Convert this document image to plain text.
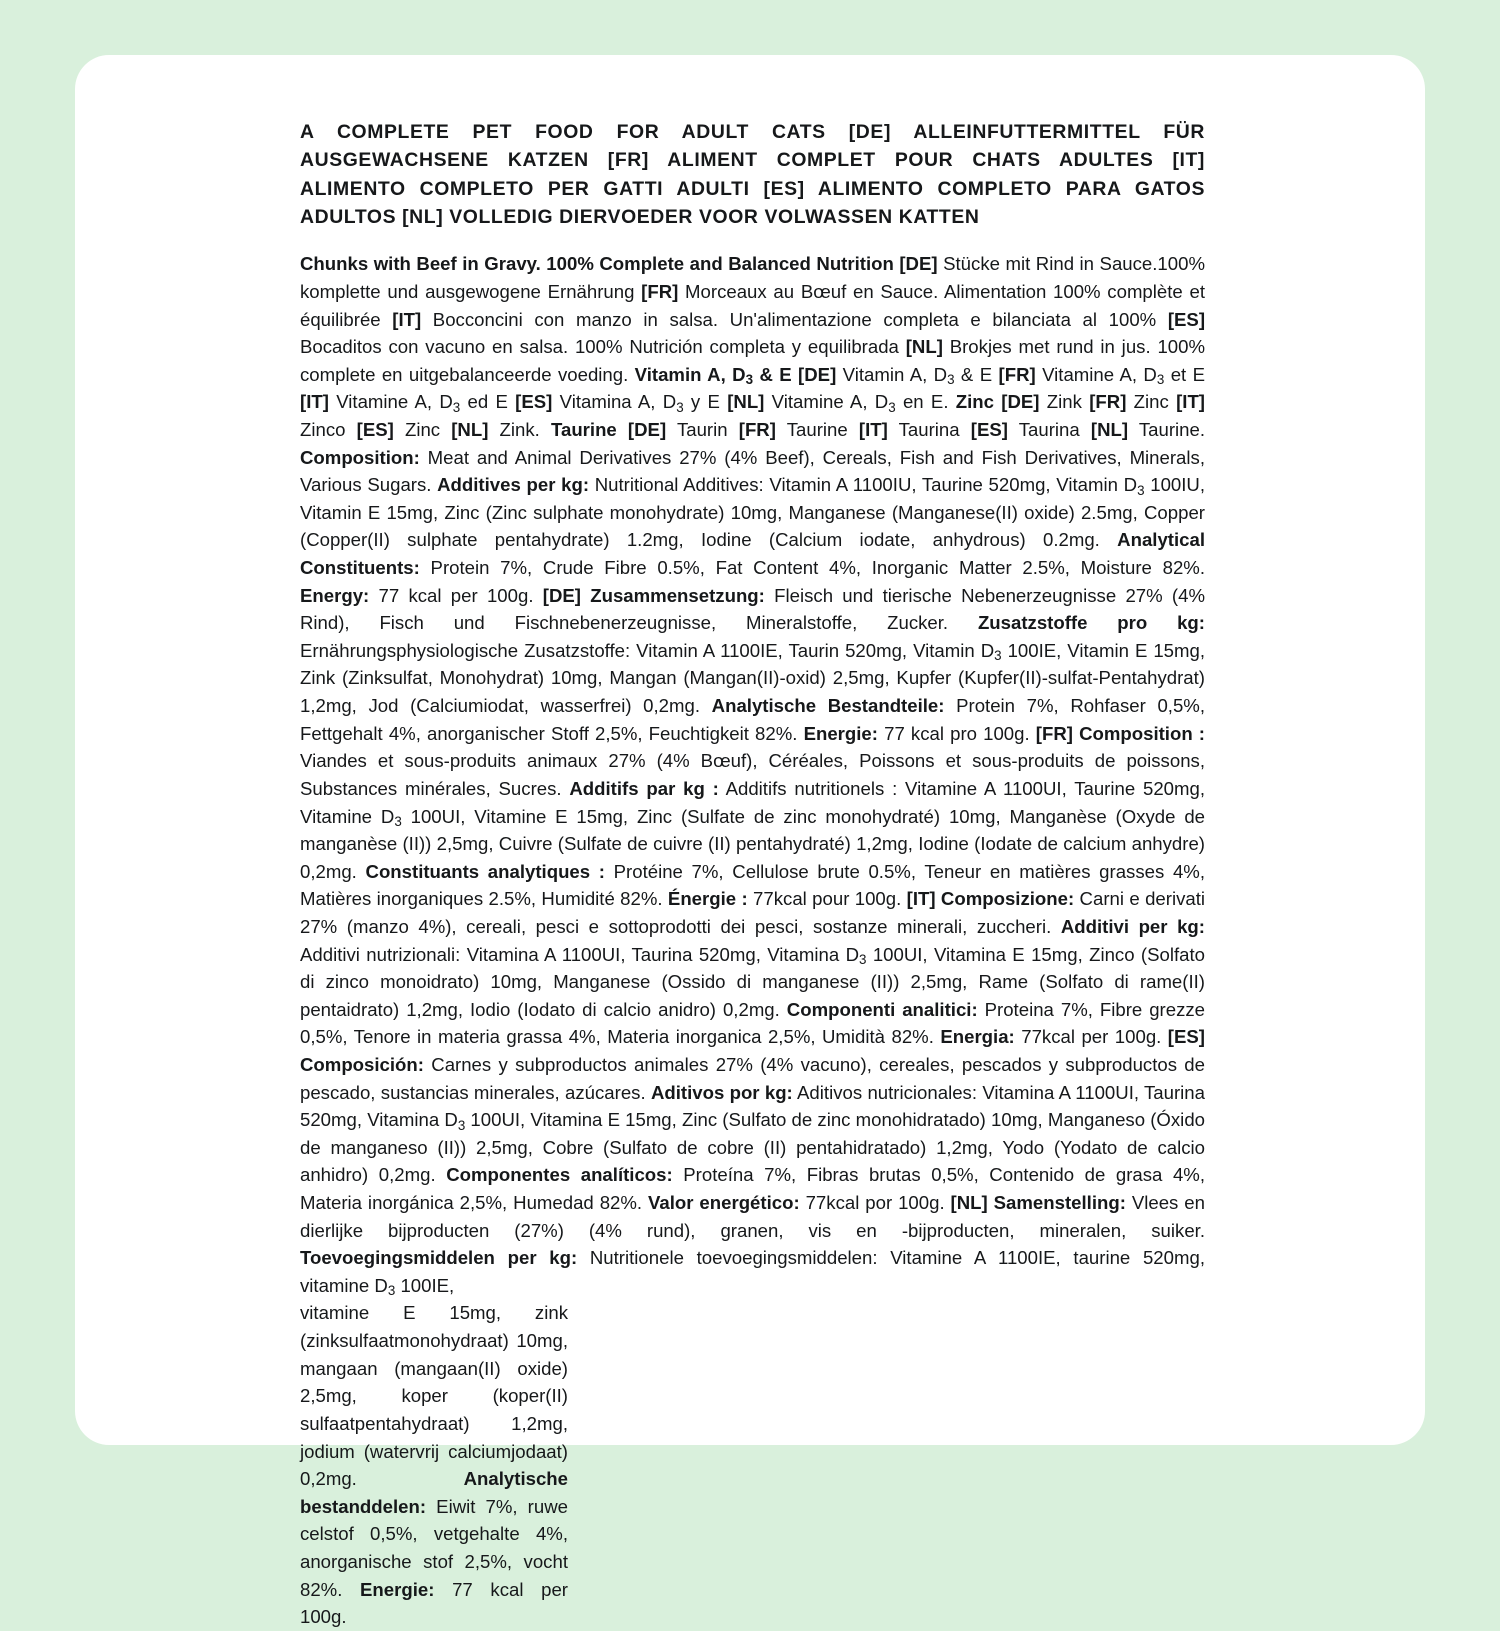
A COMPLETE PET FOOD FOR ADULT CATS [DE] ALLEINFUTTERMITTEL FÜR AUSGEWACHSENE KATZEN [FR] ALIMENT COMPLET POUR CHATS ADULTES [IT] ALIMENTO COMPLETO PER GATTI ADULTI [ES] ALIMENTO COMPLETO PARA GATOS ADULTOS [NL] VOLLEDIG DIERVOEDER VOOR VOLWASSEN KATTEN
Chunks with Beef in Gravy. 100% Complete and Balanced Nutrition [DE] Stücke mit Rind in Sauce.100% komplette und ausgewogene Ernährung [FR] Morceaux au Bœuf en Sauce. Alimentation 100% complète et équilibrée [IT] Bocconcini con manzo in salsa. Un'alimentazione completa e bilanciata al 100% [ES] Bocaditos con vacuno en salsa. 100% Nutrición completa y equilibrada [NL] Brokjes met rund in jus. 100% complete en uitgebalanceerde voeding. Vitamin A, $D_3$ & E [DE] Vitamin A, $D_3$ & E [FR] Vitamine A, $D_3$ et E [IT] Vitamine A, $D_3$ ed E [ES] Vitamina A, $D_3$ y E [NL] Vitamine A, $D_3$ en E. Zinc [DE] Zink [FR] Zinc [IT] Zinco [ES] Zinc [NL] Zink. Taurine [DE] Taurin [FR] Taurine [IT] Taurina [ES] Taurina [NL] Taurine. Composition: Meat and Animal Derivatives 27% (4% Beef), Cereals, Fish and Fish Derivatives, Minerals, Various Sugars. Additives per kg: Nutritional Additives: Vitamin A 1100IU, Taurine 520mg, Vitamin $D_3$ 100IU, Vitamin E 15mg, Zinc (Zinc sulphate monohydrate) 10mg, Manganese (Manganese(II) oxide) 2.5mg, Copper (Copper(II) sulphate pentahydrate) 1.2mg, Iodine (Calcium iodate, anhydrous) 0.2mg. Analytical Constituents: Protein 7%, Crude Fibre 0.5%, Fat Content 4%, Inorganic Matter 2.5%, Moisture 82%. Energy: 77 kcal per 100g. [DE] Zusammensetzung: Fleisch und tierische Nebenerzeugnisse 27% (4% Rind), Fisch und Fischnebenerzeugnisse, Mineralstoffe, Zucker. Zusatzstoffe pro kg: Ernährungsphysiologische Zusatzstoffe: Vitamin A 1100IE, Taurin 520mg, Vitamin $D_3$ 100IE, Vitamin E 15mg, Zink (Zinksulfat, Monohydrat) 10mg, Mangan (Mangan(II)-oxid) 2,5mg, Kupfer (Kupfer(II)-sulfat-Pentahydrat) 1,2mg, Jod (Calciumiodat, wasserfrei) 0,2mg. Analytische Bestandteile: Protein 7%, Rohfaser 0,5%, Fettgehalt 4%, anorganischer Stoff 2,5%, Feuchtigkeit 82%. Energie: 77 kcal pro 100g. [FR] Composition : Viandes et sous-produits animaux 27% (4% Bœuf), Céréales, Poissons et sous-produits de poissons, Substances minérales, Sucres. Additifs par kg : Additifs nutritionels : Vitamine A 1100UI, Taurine 520mg, Vitamine $D_3$ 100UI, Vitamine E 15mg, Zinc (Sulfate de zinc monohydraté) 10mg, Manganèse (Oxyde de manganèse (II)) 2,5mg, Cuivre (Sulfate de cuivre (II) pentahydraté) 1,2mg, Iodine (Iodate de calcium anhydre) 0,2mg. Constituants analytiques : Protéine 7%, Cellulose brute 0.5%, Teneur en matières grasses 4%, Matières inorganiques 2.5%, Humidité 82%. Énergie : 77kcal pour 100g. [IT] Composizione: Carni e derivati 27% (manzo 4%), cereali, pesci e sottoprodotti dei pesci, sostanze minerali, zuccheri. Additivi per kg: Additivi nutrizionali: Vitamina A 1100UI, Taurina 520mg, Vitamina $D_3$ 100UI, Vitamina E 15mg, Zinco (Solfato di zinco monoidrato) 10mg, Manganese (Ossido di manganese (II)) 2,5mg, Rame (Solfato di rame(II) pentaidrato) 1,2mg, Iodio (Iodato di calcio anidro) 0,2mg. Componenti analitici: Proteina 7%, Fibre grezze 0,5%, Tenore in materia grassa 4%, Materia inorganica 2,5%, Umidità 82%. Energia: 77kcal per 100g. [ES] Composición: Carnes y subproductos animales 27% (4% vacuno), cereales, pescados y subproductos de pescado, sustancias minerales, azúcares. Aditivos por kg: Aditivos nutricionales: Vitamina A 1100UI, Taurina 520mg, Vitamina $D_3$ 100UI, Vitamina E 15mg, Zinc (Sulfato de zinc monohidratado) 10mg, Manganeso (Óxido de manganeso (II)) 2,5mg, Cobre (Sulfato de cobre (II) pentahidratado) 1,2mg, Yodo (Yodato de calcio anhidro) 0,2mg. Componentes analíticos: Proteína 7%, Fibras brutas 0,5%, Contenido de grasa 4%, Materia inorgánica 2,5%, Humedad 82%. Valor energético: 77kcal por 100g. [NL] Samenstelling: Vlees en dierlijke bijproducten (27%) (4% rund), granen, vis en -bijproducten, mineralen, suiker. Toevoegingsmiddelen per kg: Nutritionele toevoegingsmiddelen: Vitamine A 1100IE, taurine 520mg, vitamine $D_3$ 100IE,
vitamine E 15mg, zink (zinksulfaatmonohydraat) 10mg, mangaan (mangaan(II) oxide) 2,5mg, koper (koper(II) sulfaatpentahydraat) 1,2mg, jodium (watervrij calciumjodaat) 0,2mg. Analytische bestanddelen: Eiwit 7%, ruwe celstof 0,5%, vetgehalte 4%, anorganische stof 2,5%, vocht 82%. Energie: 77 kcal per 100g.
